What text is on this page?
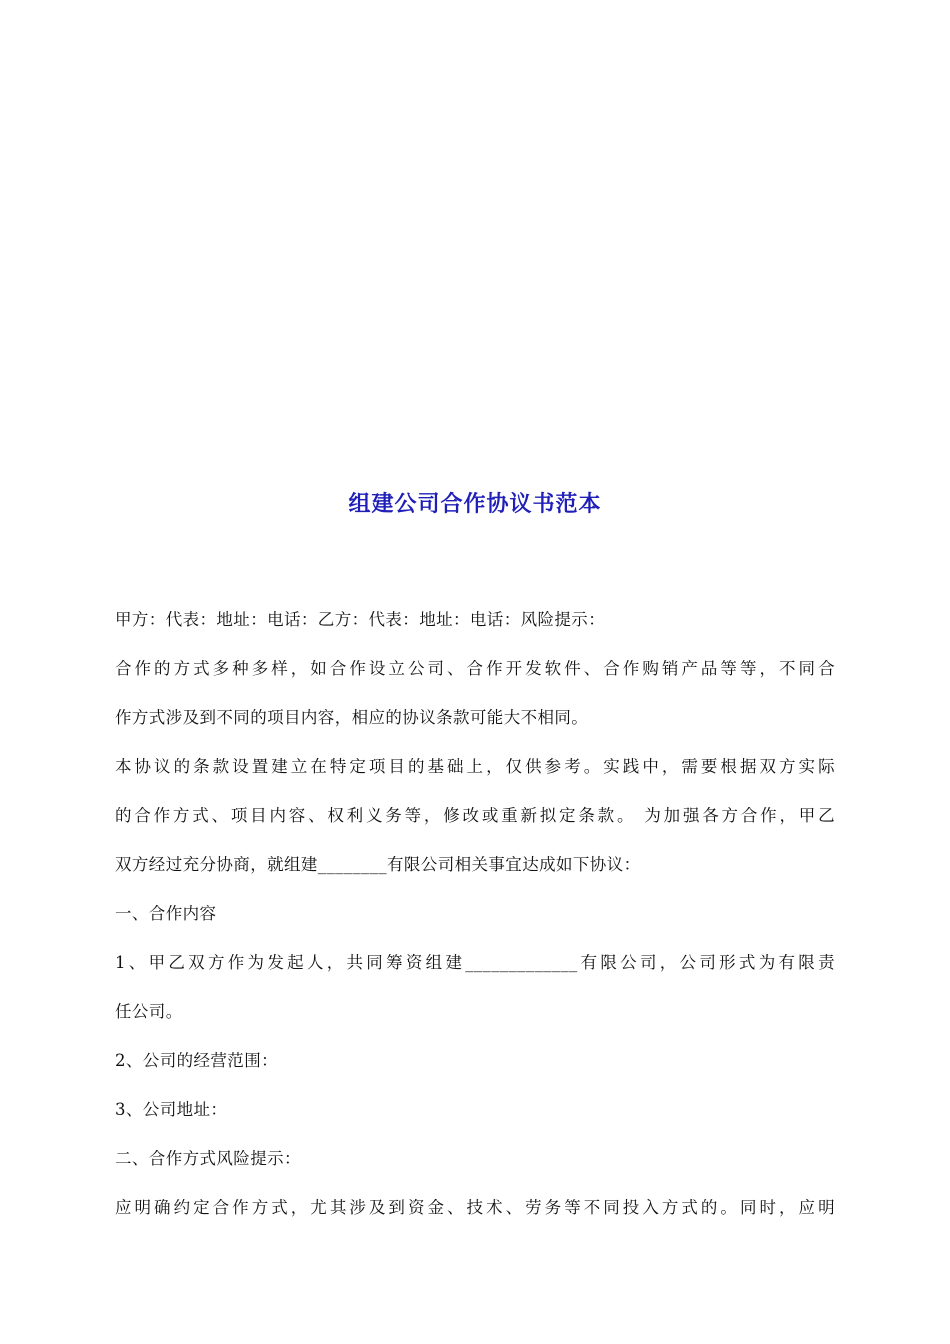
组建公司合作协议书范本
甲方：代表：地址：电话：乙方：代表：地址：电话：风险提示：
合作的方式多种多样，如合作设立公司、合作开发软件、合作购销产品等等，不同合
作方式涉及到不同的项目内容，相应的协议条款可能大不相同。
本协议的条款设置建立在特定项目的基础上，仅供参考。实践中，需要根据双方实际
的合作方式、项目内容、权利义务等，修改或重新拟定条款。 为加强各方合作，甲乙
双方经过充分协商，就组建________有限公司相关事宜达成如下协议：
一、合作内容
1、甲乙双方作为发起人，共同筹资组建_____________有限公司，公司形式为有限责
任公司。
2、公司的经营范围：
3、公司地址：
二、合作方式风险提示：
应明确约定合作方式，尤其涉及到资金、技术、劳务等不同投入方式的。同时，应明
